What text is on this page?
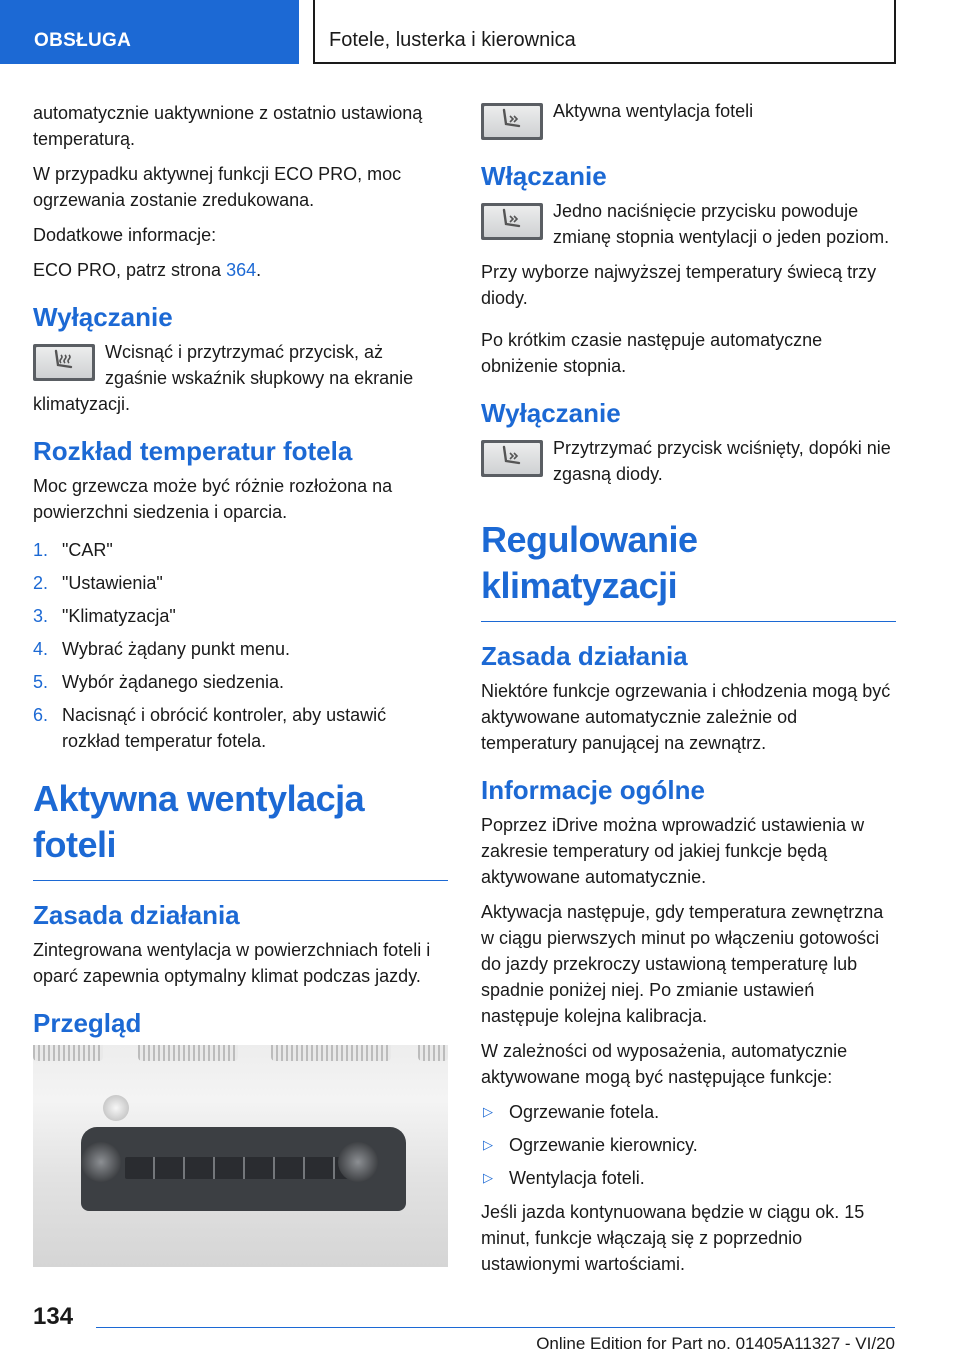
OBSŁUGA	Fotele, lusterka i kierownica

automatycznie uaktywnione z ostatnio ustawioną temperaturą.

W przypadku aktywnej funkcji ECO PRO, moc ogrzewania zostanie zredukowana.

Dodatkowe informacje:

ECO PRO, patrz strona 364.

Wyłączanie

Wcisnąć i przytrzymać przycisk, aż zgaśnie wskaźnik słupkowy na ekranie klimatyzacji.

Rozkład temperatur fotela

Moc grzewcza może być różnie rozłożona na powierzchni siedzenia i oparcia.

1. "CAR"
2. "Ustawienia"
3. "Klimatyzacja"
4. Wybrać żądany punkt menu.
5. Wybór żądanego siedzenia.
6. Nacisnąć i obrócić kontroler, aby ustawić rozkład temperatur fotela.
Aktywna wentylacja foteli
Zasada działania

Zintegrowana wentylacja w powierzchniach foteli i oparć zapewnia optymalny klimat podczas jazdy.

Przegląd

Aktywna wentylacja foteli

Włączanie

Jedno naciśnięcie przycisku powoduje zmianę stopnia wentylacji o jeden poziom.

Przy wyborze najwyższej temperatury świecą trzy diody.

Po krótkim czasie następuje automatyczne obniżenie stopnia.

Wyłączanie

Przytrzymać przycisk wciśnięty, dopóki nie zgasną diody.

Regulowanie klimatyzacji
Zasada działania

Niektóre funkcje ogrzewania i chłodzenia mogą być aktywowane automatycznie zależnie od temperatury panującej na zewnątrz.

Informacje ogólne

Poprzez iDrive można wprowadzić ustawienia w zakresie temperatury od jakiej funkcje będą aktywowane automatycznie.

Aktywacja następuje, gdy temperatura zewnętrzna w ciągu pierwszych minut po włączeniu gotowości do jazdy przekroczy ustawioną temperaturę lub spadnie poniżej niej. Po zmianie ustawień następuje kolejna kalibracja.

W zależności od wyposażenia, automatycznie aktywowane mogą być następujące funkcje:

▷ Ogrzewanie fotela.
▷ Ogrzewanie kierownicy.
▷ Wentylacja foteli.

Jeśli jazda kontynuowana będzie w ciągu ok. 15 minut, funkcje włączają się z poprzednio ustawionymi wartościami.

134
Online Edition for Part no. 01405A11327 - VI/20
